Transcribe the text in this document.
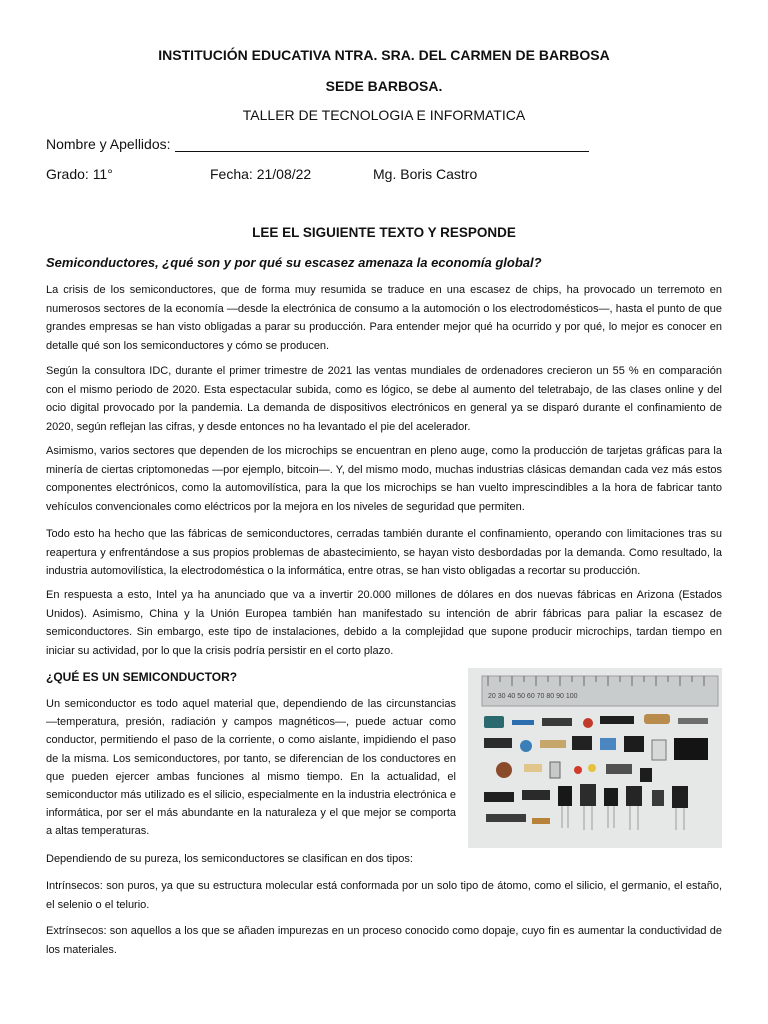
INSTITUCIÓN EDUCATIVA NTRA. SRA. DEL CARMEN DE BARBOSA
SEDE BARBOSA.
TALLER DE TECNOLOGIA E INFORMATICA
Nombre y Apellidos:
Grado: 11°	Fecha: 21/08/22	Mg. Boris Castro
LEE EL SIGUIENTE TEXTO Y RESPONDE
Semiconductores, ¿qué son y por qué su escasez amenaza la economía global?

La crisis de los semiconductores, que de forma muy resumida se traduce en una escasez de chips, ha provocado un terremoto en numerosos sectores de la economía —desde la electrónica de consumo a la automoción o los electrodomésticos—, hasta el punto de que grandes empresas se han visto obligadas a parar su producción. Para entender mejor qué ha ocurrido y por qué, lo mejor es conocer en detalle qué son los semiconductores y cómo se producen.

Según la consultora IDC, durante el primer trimestre de 2021 las ventas mundiales de ordenadores crecieron un 55 % en comparación con el mismo periodo de 2020. Esta espectacular subida, como es lógico, se debe al aumento del teletrabajo, de las clases online y del ocio digital provocado por la pandemia. La demanda de dispositivos electrónicos en general ya se disparó durante el confinamiento de 2020, según reflejan las cifras, y desde entonces no ha levantado el pie del acelerador.

Asimismo, varios sectores que dependen de los microchips se encuentran en pleno auge, como la producción de tarjetas gráficas para la minería de ciertas criptomonedas —por ejemplo, bitcoin—. Y, del mismo modo, muchas industrias clásicas demandan cada vez más estos componentes electrónicos, como la automovilística, para la que los microchips se han vuelto imprescindibles a la hora de fabricar tanto vehículos convencionales como eléctricos por la mejora en los niveles de seguridad que permiten.

Todo esto ha hecho que las fábricas de semiconductores, cerradas también durante el confinamiento, operando con limitaciones tras su reapertura y enfrentándose a sus propios problemas de abastecimiento, se hayan visto desbordadas por la demanda. Como resultado, la industria automovilística, la electrodoméstica o la informática, entre otras, se han visto obligadas a recortar su producción.

En respuesta a esto, Intel ya ha anunciado que va a invertir 20.000 millones de dólares en dos nuevas fábricas en Arizona (Estados Unidos). Asimismo, China y la Unión Europea también han manifestado su intención de abrir fábricas para paliar la escasez de semiconductores. Sin embargo, este tipo de instalaciones, debido a la complejidad que supone producir microchips, tardan tiempo en iniciar su actividad, por lo que la crisis podría persistir en el corto plazo.

¿QUÉ ES UN SEMICONDUCTOR?

Un semiconductor es todo aquel material que, dependiendo de las circunstancias —temperatura, presión, radiación y campos magnéticos—, puede actuar como conductor, permitiendo el paso de la corriente, o como aislante, impidiendo el paso de la misma. Los semiconductores, por tanto, se diferencian de los conductores en que pueden ejercer ambas funciones al mismo tiempo. En la actualidad, el semiconductor más utilizado es el silicio, especialmente en la industria electrónica e informática, por ser el más abundante en la naturaleza y el que mejor se comporta a altas temperaturas.

20 30 40 50 60 70 80 90 100

Dependiendo de su pureza, los semiconductores se clasifican en dos tipos:

Intrínsecos: son puros, ya que su estructura molecular está conformada por un solo tipo de átomo, como el silicio, el germanio, el estaño, el selenio o el telurio.

Extrínsecos: son aquellos a los que se añaden impurezas en un proceso conocido como dopaje, cuyo fin es aumentar la conductividad de los materiales.
